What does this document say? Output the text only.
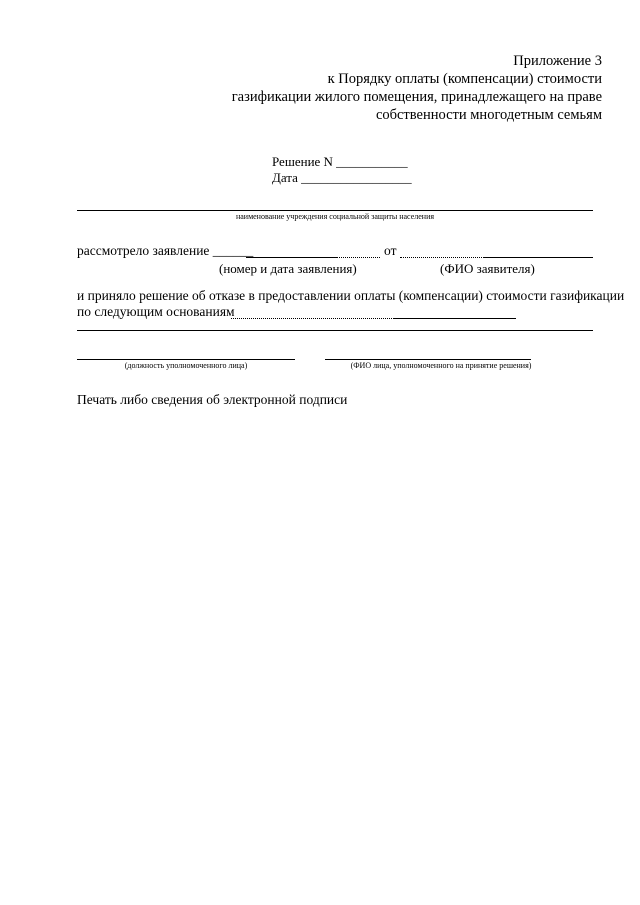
Приложение 3
к Порядку оплаты (компенсации) стоимости
газификации жилого помещения, принадлежащего на праве
собственности многодетным семьям
Решение N ___________
Дата _________________
наименование учреждения социальной защиты населения
рассмотрело заявление ______	от
(номер и дата заявления)	(ФИО заявителя)
и приняло решение об отказе в предоставлении оплаты (компенсации) стоимости газификации
по следующим основаниям
(должность уполномоченного лица)	(ФИО лица, уполномоченного на принятие решения)
Печать либо сведения об электронной подписи
